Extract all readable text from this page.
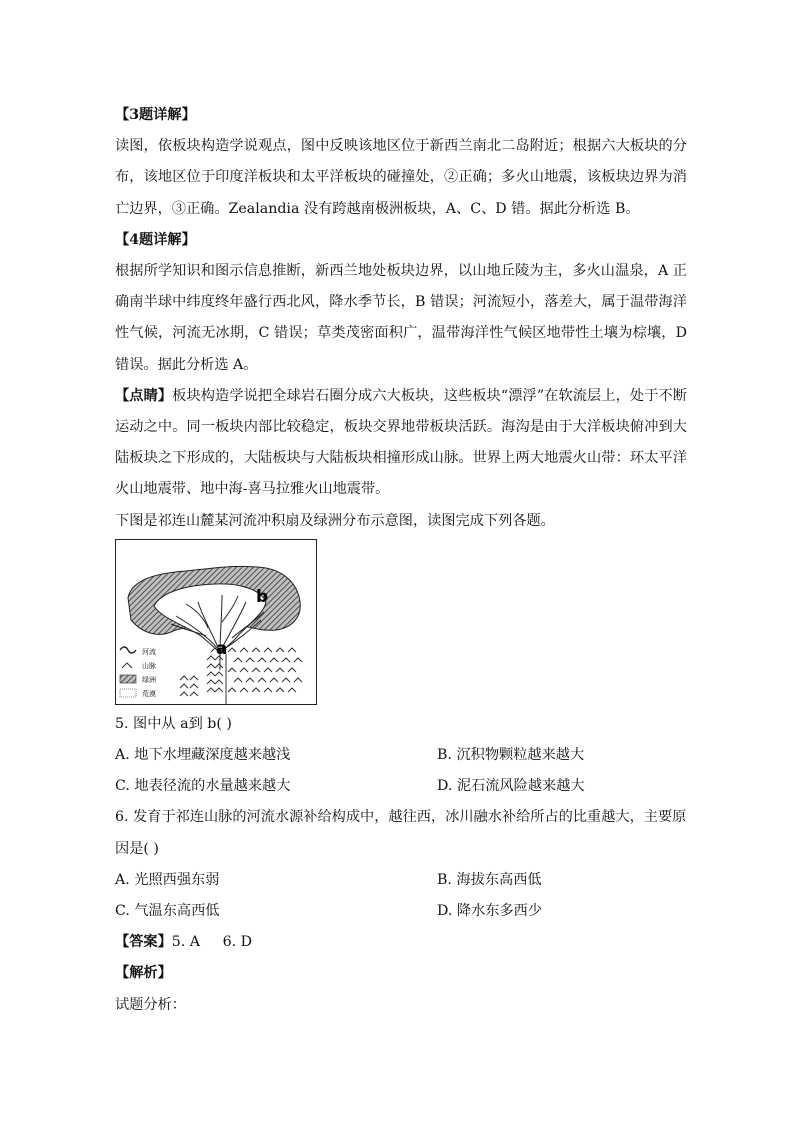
【3题详解】

读图，依板块构造学说观点，图中反映该地区位于新西兰南北二岛附近；根据六大板块的分布，该地区位于印度洋板块和太平洋板块的碰撞处，②正确；多火山地震，该板块边界为消亡边界，③正确。Zealandia 没有跨越南极洲板块，A、C、D 错。据此分析选 B。

【4题详解】

根据所学知识和图示信息推断，新西兰地处板块边界，以山地丘陵为主，多火山温泉，A 正确南半球中纬度终年盛行西北风，降水季节长，B 错误；河流短小，落差大，属于温带海洋性气候，河流无冰期，C 错误；草类茂密面积广，温带海洋性气候区地带性土壤为棕壤，D 错误。据此分析选 A。

【点睛】板块构造学说把全球岩石圈分成六大板块，这些板块“漂浮”在软流层上，处于不断运动之中。同一板块内部比较稳定，板块交界地带板块活跃。海沟是由于大洋板块俯冲到大陆板块之下形成的，大陆板块与大陆板块相撞形成山脉。世界上两大地震火山带：环太平洋火山地震带、地中海-喜马拉雅火山地震带。

下图是祁连山麓某河流冲积扇及绿洲分布示意图，读图完成下列各题。

b
a
河流
山脉
绿洲
荒漠

5. 图中从 a到 b( )

A. 地下水埋藏深度越来越浅	B. 沉积物颗粒越来越大
C. 地表径流的水量越来越大	D. 泥石流风险越来越大

6. 发育于祁连山脉的河流水源补给构成中，越往西，冰川融水补给所占的比重越大，主要原因是( )

A. 光照西强东弱	B. 海拔东高西低
C. 气温东高西低	D. 降水东多西少

【答案】5. A     6. D

【解析】

试题分析：
